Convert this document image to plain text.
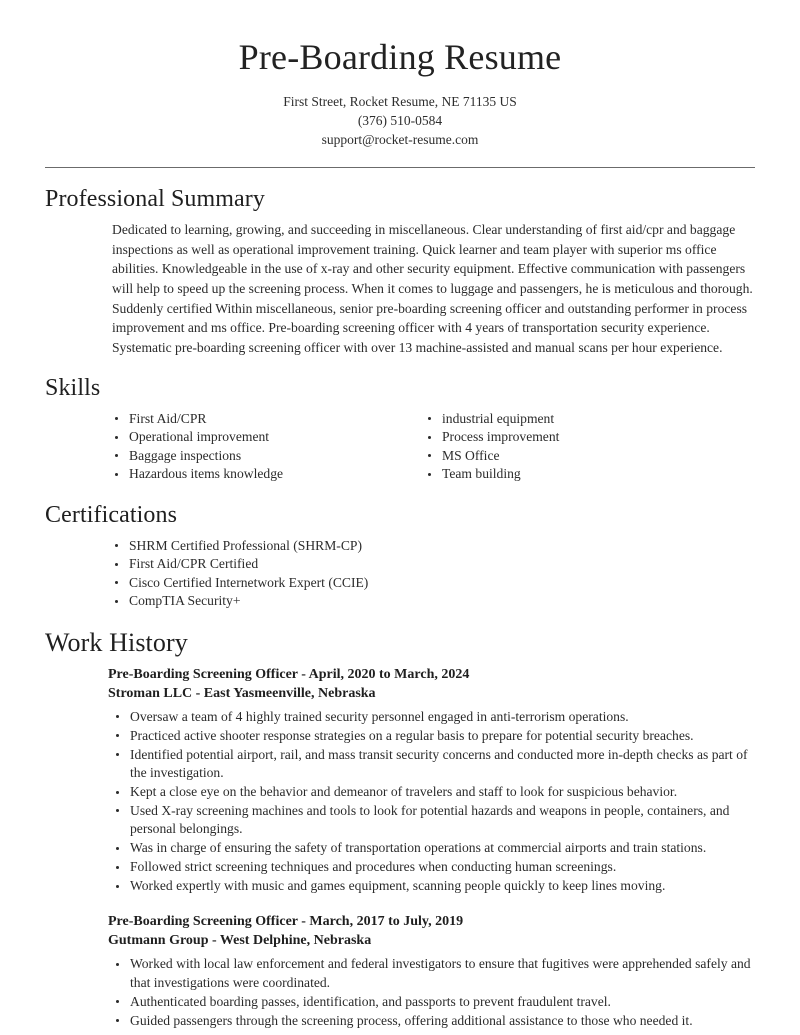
Pre-Boarding Resume
First Street, Rocket Resume, NE 71135 US
(376) 510-0584
support@rocket-resume.com
Professional Summary

Dedicated to learning, growing, and succeeding in miscellaneous. Clear understanding of first aid/cpr and baggage inspections as well as operational improvement training. Quick learner and team player with superior ms office abilities. Knowledgeable in the use of x-ray and other security equipment. Effective communication with passengers will help to speed up the screening process. When it comes to luggage and passengers, he is meticulous and thorough. Suddenly certified Within miscellaneous, senior pre-boarding screening officer and outstanding performer in process improvement and ms office. Pre-boarding screening officer with 4 years of transportation security experience. Systematic pre-boarding screening officer with over 13 machine-assisted and manual scans per hour experience.

Skills
First Aid/CPR
Operational improvement
Baggage inspections
Hazardous items knowledge
industrial equipment
Process improvement
MS Office
Team building
Certifications
SHRM Certified Professional (SHRM-CP)
First Aid/CPR Certified
Cisco Certified Internetwork Expert (CCIE)
CompTIA Security+
Work History
Pre-Boarding Screening Officer - April, 2020 to March, 2024
Stroman LLC - East Yasmeenville, Nebraska
Oversaw a team of 4 highly trained security personnel engaged in anti-terrorism operations.
Practiced active shooter response strategies on a regular basis to prepare for potential security breaches.
Identified potential airport, rail, and mass transit security concerns and conducted more in-depth checks as part of the investigation.
Kept a close eye on the behavior and demeanor of travelers and staff to look for suspicious behavior.
Used X-ray screening machines and tools to look for potential hazards and weapons in people, containers, and personal belongings.
Was in charge of ensuring the safety of transportation operations at commercial airports and train stations.
Followed strict screening techniques and procedures when conducting human screenings.
Worked expertly with music and games equipment, scanning people quickly to keep lines moving.
Pre-Boarding Screening Officer - March, 2017 to July, 2019
Gutmann Group - West Delphine, Nebraska
Worked with local law enforcement and federal investigators to ensure that fugitives were apprehended safely and that investigations were coordinated.
Authenticated boarding passes, identification, and passports to prevent fraudulent travel.
Guided passengers through the screening process, offering additional assistance to those who needed it.
